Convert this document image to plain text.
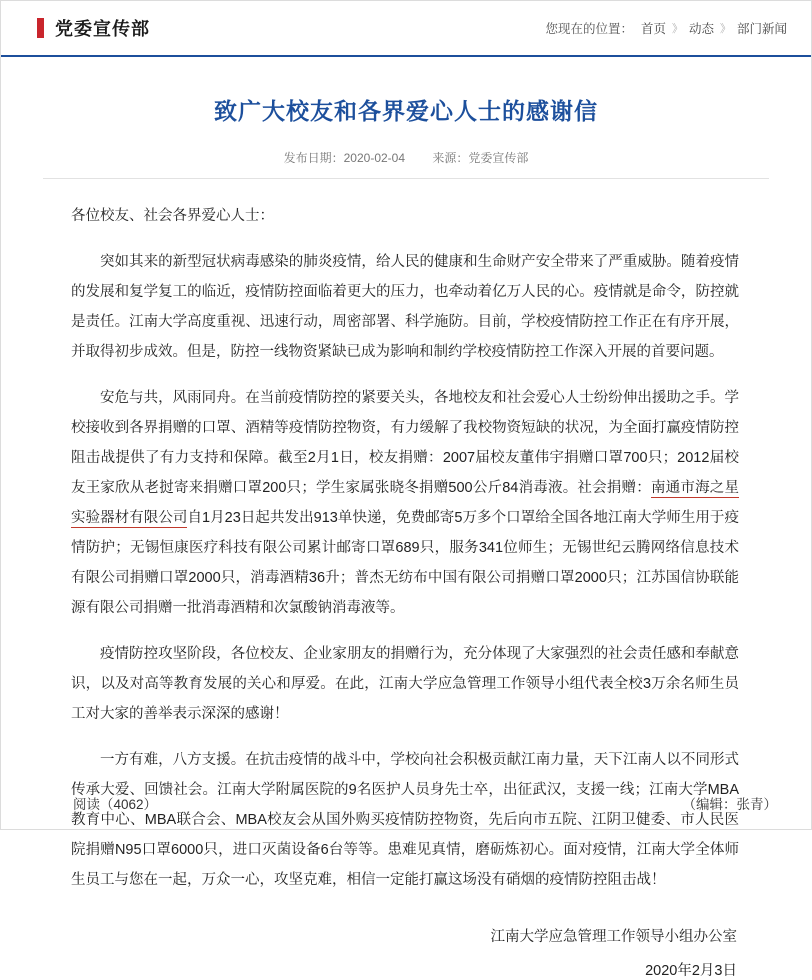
党委宣传部	您现在的位置： 首页 》 动态 》 部门新闻
致广大校友和各界爱心人士的感谢信
发布日期：2020-02-04 来源：党委宣传部

各位校友、社会各界爱心人士：

突如其来的新型冠状病毒感染的肺炎疫情，给人民的健康和生命财产安全带来了严重威胁。随着疫情的发展和复学复工的临近，疫情防控面临着更大的压力，也牵动着亿万人民的心。疫情就是命令，防控就是责任。江南大学高度重视、迅速行动，周密部署、科学施防。目前，学校疫情防控工作正在有序开展，并取得初步成效。但是，防控一线物资紧缺已成为影响和制约学校疫情防控工作深入开展的首要问题。

安危与共，风雨同舟。在当前疫情防控的紧要关头，各地校友和社会爱心人士纷纷伸出援助之手。学校接收到各界捐赠的口罩、酒精等疫情防控物资，有力缓解了我校物资短缺的状况，为全面打赢疫情防控阻击战提供了有力支持和保障。截至2月1日，校友捐赠：2007届校友董伟宇捐赠口罩700只；2012届校友王家欣从老挝寄来捐赠口罩200只；学生家属张晓冬捐赠500公斤84消毒液。社会捐赠：南通市海之星实验器材有限公司自1月23日起共发出913单快递，免费邮寄5万多个口罩给全国各地江南大学师生用于疫情防护；无锡恒康医疗科技有限公司累计邮寄口罩689只，服务341位师生；无锡世纪云腾网络信息技术有限公司捐赠口罩2000只，消毒酒精36升；普杰无纺布中国有限公司捐赠口罩2000只；江苏国信协联能源有限公司捐赠一批消毒酒精和次氯酸钠消毒液等。

疫情防控攻坚阶段，各位校友、企业家朋友的捐赠行为，充分体现了大家强烈的社会责任感和奉献意识，以及对高等教育发展的关心和厚爱。在此，江南大学应急管理工作领导小组代表全校3万余名师生员工对大家的善举表示深深的感谢！

一方有难，八方支援。在抗击疫情的战斗中，学校向社会积极贡献江南力量，天下江南人以不同形式传承大爱、回馈社会。江南大学附属医院的9名医护人员身先士卒，出征武汉，支援一线；江南大学MBA教育中心、MBA联合会、MBA校友会从国外购买疫情防控物资，先后向市五院、江阴卫健委、市人民医院捐赠N95口罩6000只，进口灭菌设备6台等等。患难见真情，磨砺炼初心。面对疫情，江南大学全体师生员工与您在一起，万众一心，攻坚克难，相信一定能打赢这场没有硝烟的疫情防控阻击战！

江南大学应急管理工作领导小组办公室
2020年2月3日
阅读（4062）	（编辑：张青）
